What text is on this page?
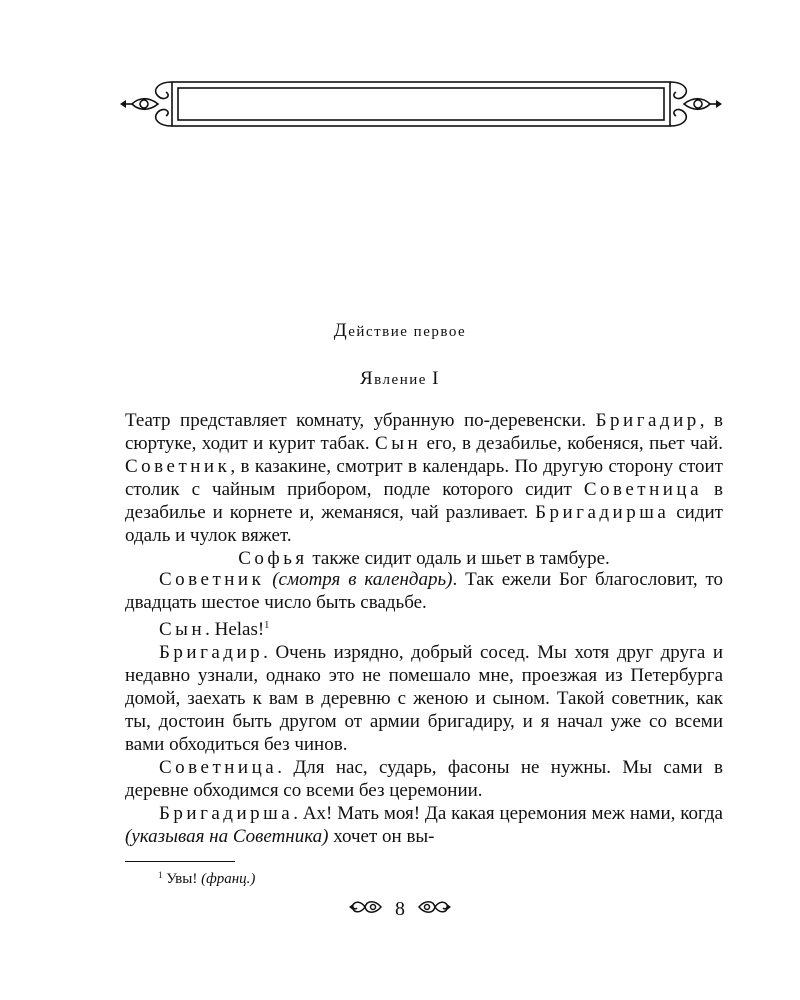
Действие первое
Явление I
Театр представляет комнату, убранную по-деревенски. Бригадир, в сюртуке, ходит и курит табак. Сын его, в дезабилье, кобеняся, пьет чай. Советник, в казакине, смотрит в календарь. По другую сторону стоит столик с чайным прибором, подле которого сидит Советница в дезабилье и корнете и, жеманяся, чай разливает. Бригадирша сидит одаль и чулок вяжет.
Софья также сидит одаль и шьет в тамбуре.

Советник (смотря в календарь). Так ежели Бог благословит, то двадцать шестое число быть свадьбе.

Сын. Helas!$^1$

Бригадир. Очень изрядно, добрый сосед. Мы хотя друг друга и недавно узнали, однако это не помешало мне, проезжая из Петербурга домой, заехать к вам в деревню с женою и сыном. Такой советник, как ты, достоин быть другом от армии бригадиру, и я начал уже со всеми вами обходиться без чинов.

Советница. Для нас, сударь, фасоны не нужны. Мы сами в деревне обходимся со всеми без церемонии.

Бригадирша. Ах! Мать моя! Да какая церемония меж нами, когда (указывая на Советника) хочет он вы-

$^1$ Увы! (франц.)
8
